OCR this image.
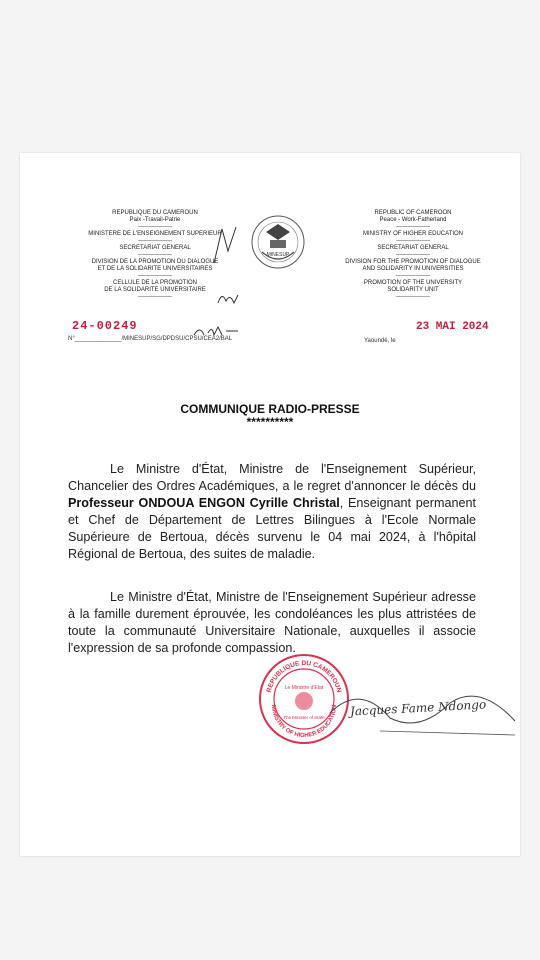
REPUBLIQUE DU CAMEROUN
Paix -Travail-Patrie
-----------------
MINISTERE DE L'ENSEIGNEMENT SUPERIEUR
-----------------
SECRETARIAT GENERAL
-----------------
DIVISION DE LA PROMOTION DU DIALOGUE
ET DE LA SOLIDARITE UNIVERSITAIRES
-----------------
CELLULE DE LA PROMOTION
DE LA SOLIDARITE UNIVERSITAIRE
-----------------
MINESUP
REPUBLIC OF CAMEROON
Peace - Work-Fatherland
-----------------
MINISTRY OF HIGHER EDUCATION
-----------------
SECRETARIAT GENERAL
-----------------
DIVISION FOR THE PROMOTION OF DIALOGUE
AND SOLIDARITY IN UNIVERSITIES
-----------------
PROMOTION OF THE UNIVERSITY
SOLIDARITY UNIT
-----------------
24-00249
N°______________/MINESUP/SG/DPDSU/CPSU/CEA2/BAL
23 MAI 2024
Yaoundé, le
COMMUNIQUE RADIO-PRESSE
**********
Le Ministre d'État, Ministre de l'Enseignement Supérieur, Chancelier des Ordres Académiques, a le regret d'annoncer le décès du Professeur ONDOUA ENGON Cyrille Christal, Enseignant permanent et Chef de Département de Lettres Bilingues à l'Ecole Normale Supérieure de Bertoua, décès survenu le 04 mai 2024, à l'hôpital Régional de Bertoua, des suites de maladie.
Le Ministre d'État, Ministre de l'Enseignement Supérieur adresse à la famille durement éprouvée, les condoléances les plus attristées de toute la communauté Universitaire Nationale, auxquelles il associe l'expression de sa profonde compassion.
REPUBLIQUE DU CAMEROUN
MINISTRY OF HIGHER EDUCATION
Le Ministre d'Etat
The Minister of State Jacques Fame Ndongo
